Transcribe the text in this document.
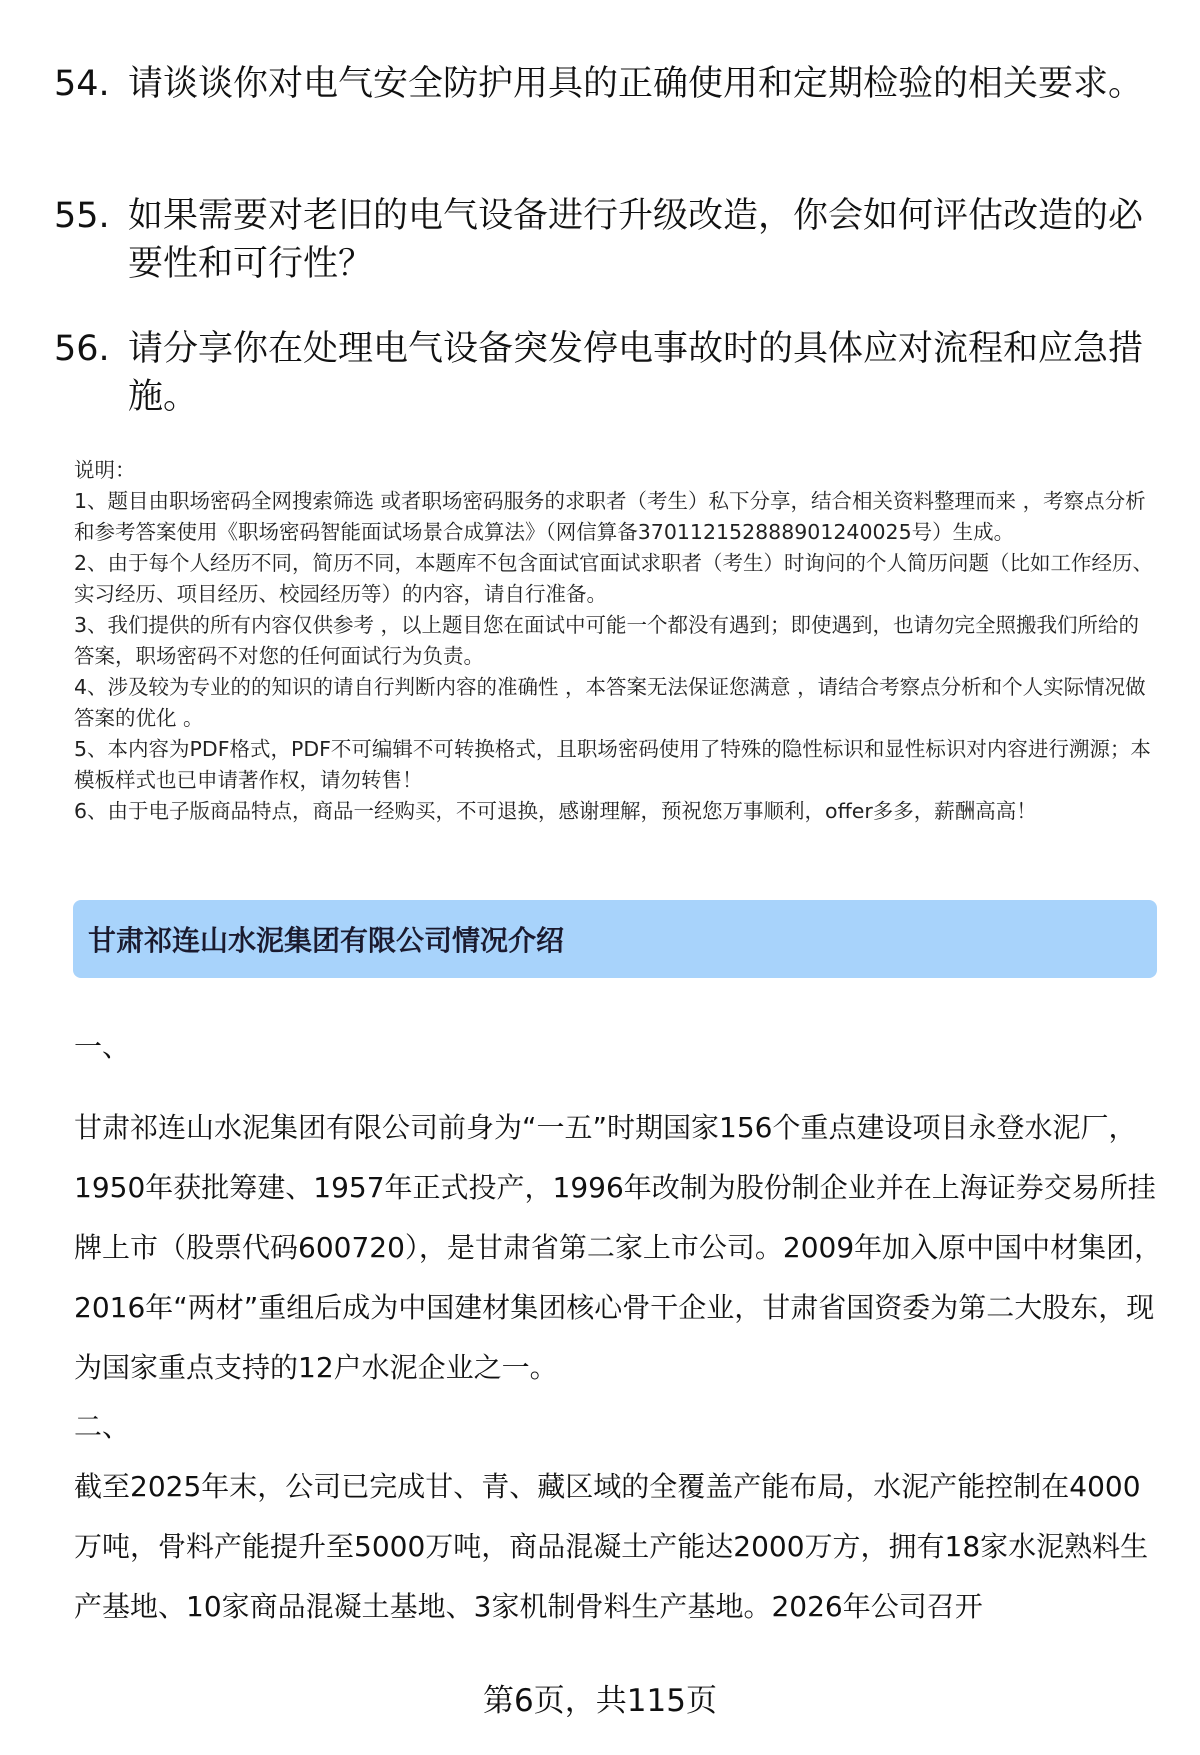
54. 请谈谈你对电气安全防护用具的正确使用和定期检验的相关要求。
55. 如果需要对老旧的电气设备进行升级改造，你会如何评估改造的必要性和可行性？
56. 请分享你在处理电气设备突发停电事故时的具体应对流程和应急措施。
说明：
1、题目由职场密码全网搜索筛选 或者职场密码服务的求职者（考生）私下分享，结合相关资料整理而来 ，考察点分析和参考答案使用《职场密码智能面试场景合成算法》（网信算备370112152888901240025号）生成。
2、由于每个人经历不同，简历不同，本题库不包含面试官面试求职者（考生）时询问的个人简历问题（比如工作经历、实习经历、项目经历、校园经历等）的内容，请自行准备。
3、我们提供的所有内容仅供参考 ，以上题目您在面试中可能一个都没有遇到；即使遇到，也请勿完全照搬我们所给的答案，职场密码不对您的任何面试行为负责。
4、涉及较为专业的的知识的请自行判断内容的准确性 ，本答案无法保证您满意 ，请结合考察点分析和个人实际情况做答案的优化 。
5、本内容为PDF格式，PDF不可编辑不可转换格式，且职场密码使用了特殊的隐性标识和显性标识对内容进行溯源；本模板样式也已申请著作权，请勿转售！
6、由于电子版商品特点，商品一经购买，不可退换，感谢理解，预祝您万事顺利，offer多多，薪酬高高！
甘肃祁连山水泥集团有限公司情况介绍
一、
甘肃祁连山水泥集团有限公司前身为“一五”时期国家156个重点建设项目永登水泥厂，1950年获批筹建、1957年正式投产，1996年改制为股份制企业并在上海证券交易所挂牌上市（股票代码600720），是甘肃省第二家上市公司。2009年加入原中国中材集团，2016年“两材”重组后成为中国建材集团核心骨干企业，甘肃省国资委为第二大股东，现为国家重点支持的12户水泥企业之一。
二、
截至2025年末，公司已完成甘、青、藏区域的全覆盖产能布局，水泥产能控制在4000万吨，骨料产能提升至5000万吨，商品混凝土产能达2000万方，拥有18家水泥熟料生产基地、10家商品混凝土基地、3家机制骨料生产基地。2026年公司召开
第6页，共115页
